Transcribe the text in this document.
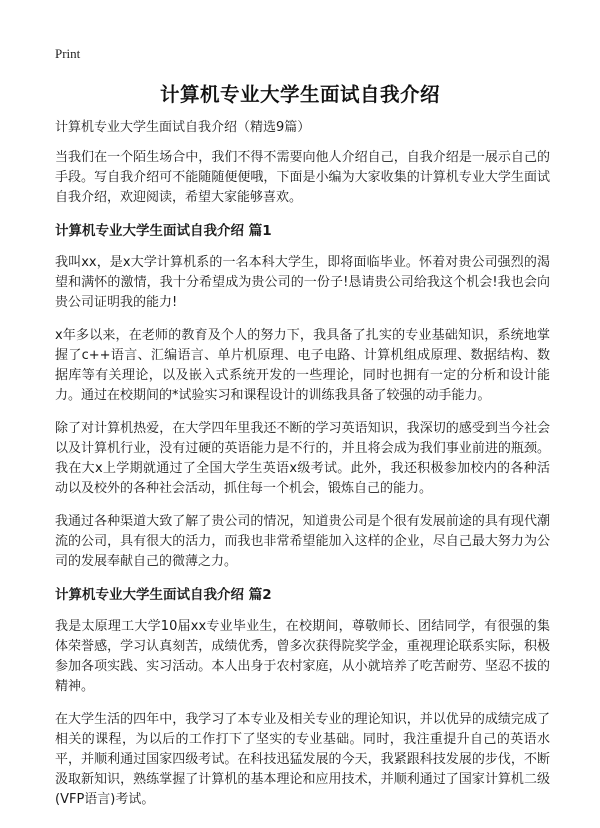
Print
计算机专业大学生面试自我介绍
计算机专业大学生面试自我介绍（精选9篇）

当我们在一个陌生场合中，我们不得不需要向他人介绍自己，自我介绍是一展示自己的手段。写自我介绍可不能随随便便哦，下面是小编为大家收集的计算机专业大学生面试自我介绍，欢迎阅读，希望大家能够喜欢。

计算机专业大学生面试自我介绍 篇1

我叫xx，是x大学计算机系的一名本科大学生，即将面临毕业。怀着对贵公司强烈的渴望和满怀的激情，我十分希望成为贵公司的一份子!恳请贵公司给我这个机会!我也会向贵公司证明我的能力!

x年多以来，在老师的教育及个人的努力下，我具备了扎实的专业基础知识，系统地掌握了c++语言、汇编语言、单片机原理、电子电路、计算机组成原理、数据结构、数据库等有关理论，以及嵌入式系统开发的一些理论，同时也拥有一定的分析和设计能力。通过在校期间的*试验实习和课程设计的训练我具备了较强的动手能力。

除了对计算机热爱，在大学四年里我还不断的学习英语知识，我深切的感受到当今社会以及计算机行业，没有过硬的英语能力是不行的，并且将会成为我们事业前进的瓶颈。我在大x上学期就通过了全国大学生英语x级考试。此外，我还积极参加校内的各种活动以及校外的各种社会活动，抓住每一个机会，锻炼自己的能力。

我通过各种渠道大致了解了贵公司的情况，知道贵公司是个很有发展前途的具有现代潮流的公司，具有很大的活力，而我也非常希望能加入这样的企业，尽自己最大努力为公司的发展奉献自己的微薄之力。

计算机专业大学生面试自我介绍 篇2

我是太原理工大学10届xx专业毕业生，在校期间，尊敬师长、团结同学，有很强的集体荣誉感，学习认真刻苦，成绩优秀，曾多次获得院奖学金，重视理论联系实际，积极参加各项实践、实习活动。本人出身于农村家庭，从小就培养了吃苦耐劳、坚忍不拔的精神。

在大学生活的四年中，我学习了本专业及相关专业的理论知识，并以优异的成绩完成了相关的课程，为以后的工作打下了坚实的专业基础。同时，我注重提升自己的英语水平，并顺利通过国家四级考试。在科技迅猛发展的今天，我紧跟科技发展的步伐，不断汲取新知识，熟练掌握了计算机的基本理论和应用技术，并顺利通过了国家计算机二级(VFP语言)考试。
